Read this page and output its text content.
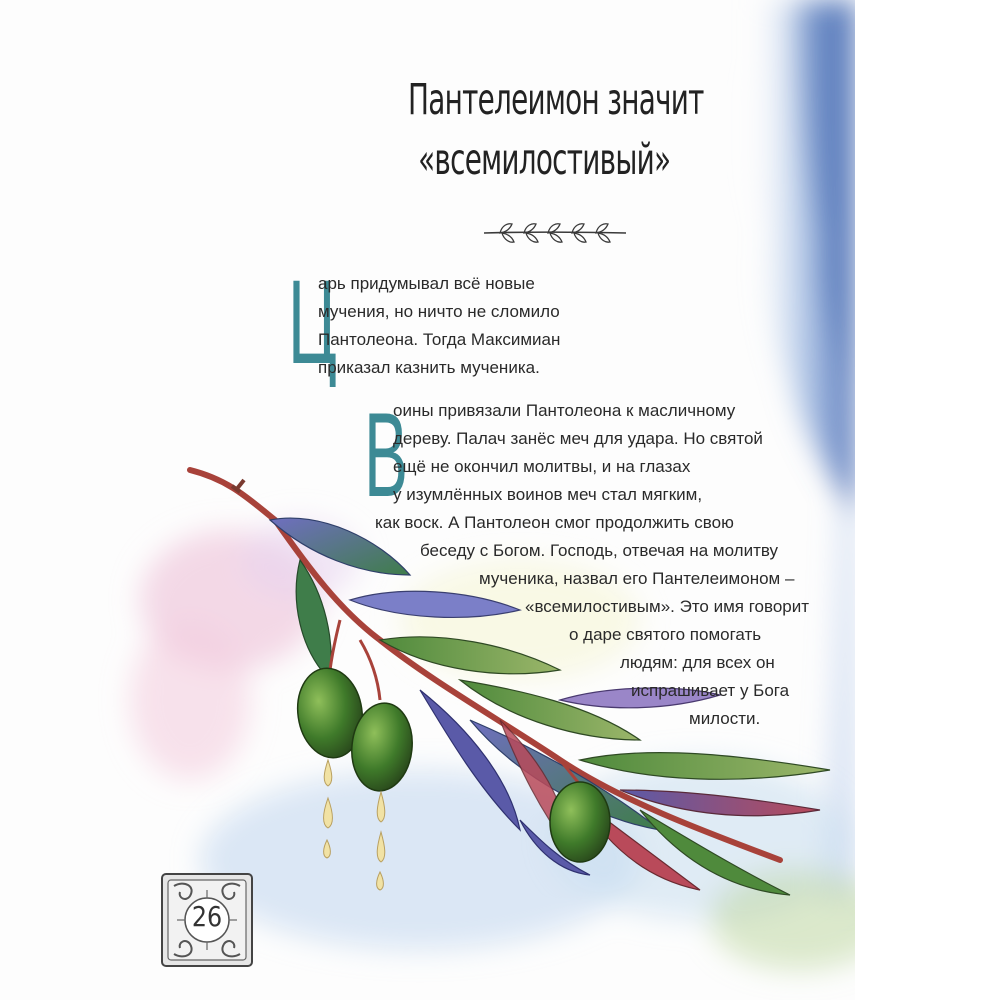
Пантелеимон значит
«всемилостивый»
Ц
арь придумывал всё новые
мучения, но ничто не сломило
Пантолеона. Тогда Максимиан
приказал казнить мученика.
В
оины привязали Пантолеона к масличному
дереву. Палач занёс меч для удара. Но святой
ещё не окончил молитвы, и на глазах
у изумлённых воинов меч стал мягким,
как воск. А Пантолеон смог продолжить свою
беседу с Богом. Господь, отвечая на молитву
мученика, назвал его Пантелеимоном –
«всемилостивым». Это имя говорит
о даре святого помогать
людям: для всех он
испрашивает у Бога
милости.
26
